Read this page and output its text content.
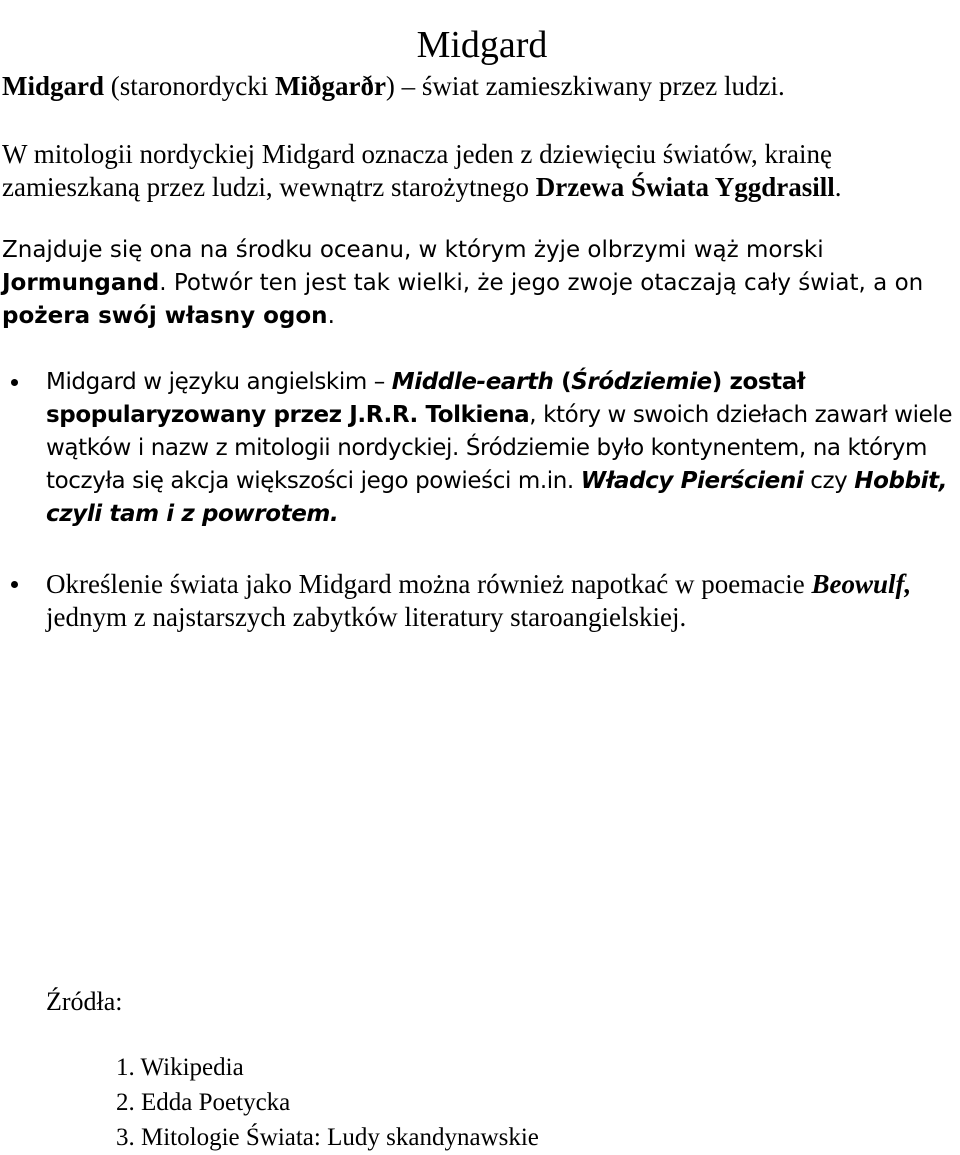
Midgard

Midgard (staronordycki Miðgarðr) – świat zamieszkiwany przez ludzi.

W mitologii nordyckiej Midgard oznacza jeden z dziewięciu światów, krainę zamieszkaną przez ludzi, wewnątrz starożytnego Drzewa Świata Yggdrasill.

Znajduje się ona na środku oceanu, w którym żyje olbrzymi wąż morski Jormungand. Potwór ten jest tak wielki, że jego zwoje otaczają cały świat, a on pożera swój własny ogon.

Midgard w języku angielskim – Middle-earth (Śródziemie) został spopularyzowany przez J.R.R. Tolkiena, który w swoich dziełach zawarł wiele wątków i nazw z mitologii nordyckiej. Śródziemie było kontynentem, na którym toczyła się akcja większości jego powieści m.in. Władcy Pierścieni czy Hobbit, czyli tam i z powrotem.
Określenie świata jako Midgard można również napotkać w poemacie Beowulf, jednym z najstarszych zabytków literatury staroangielskiej.
Źródła:
1. Wikipedia
2. Edda Poetycka
3. Mitologie Świata: Ludy skandynawskie
